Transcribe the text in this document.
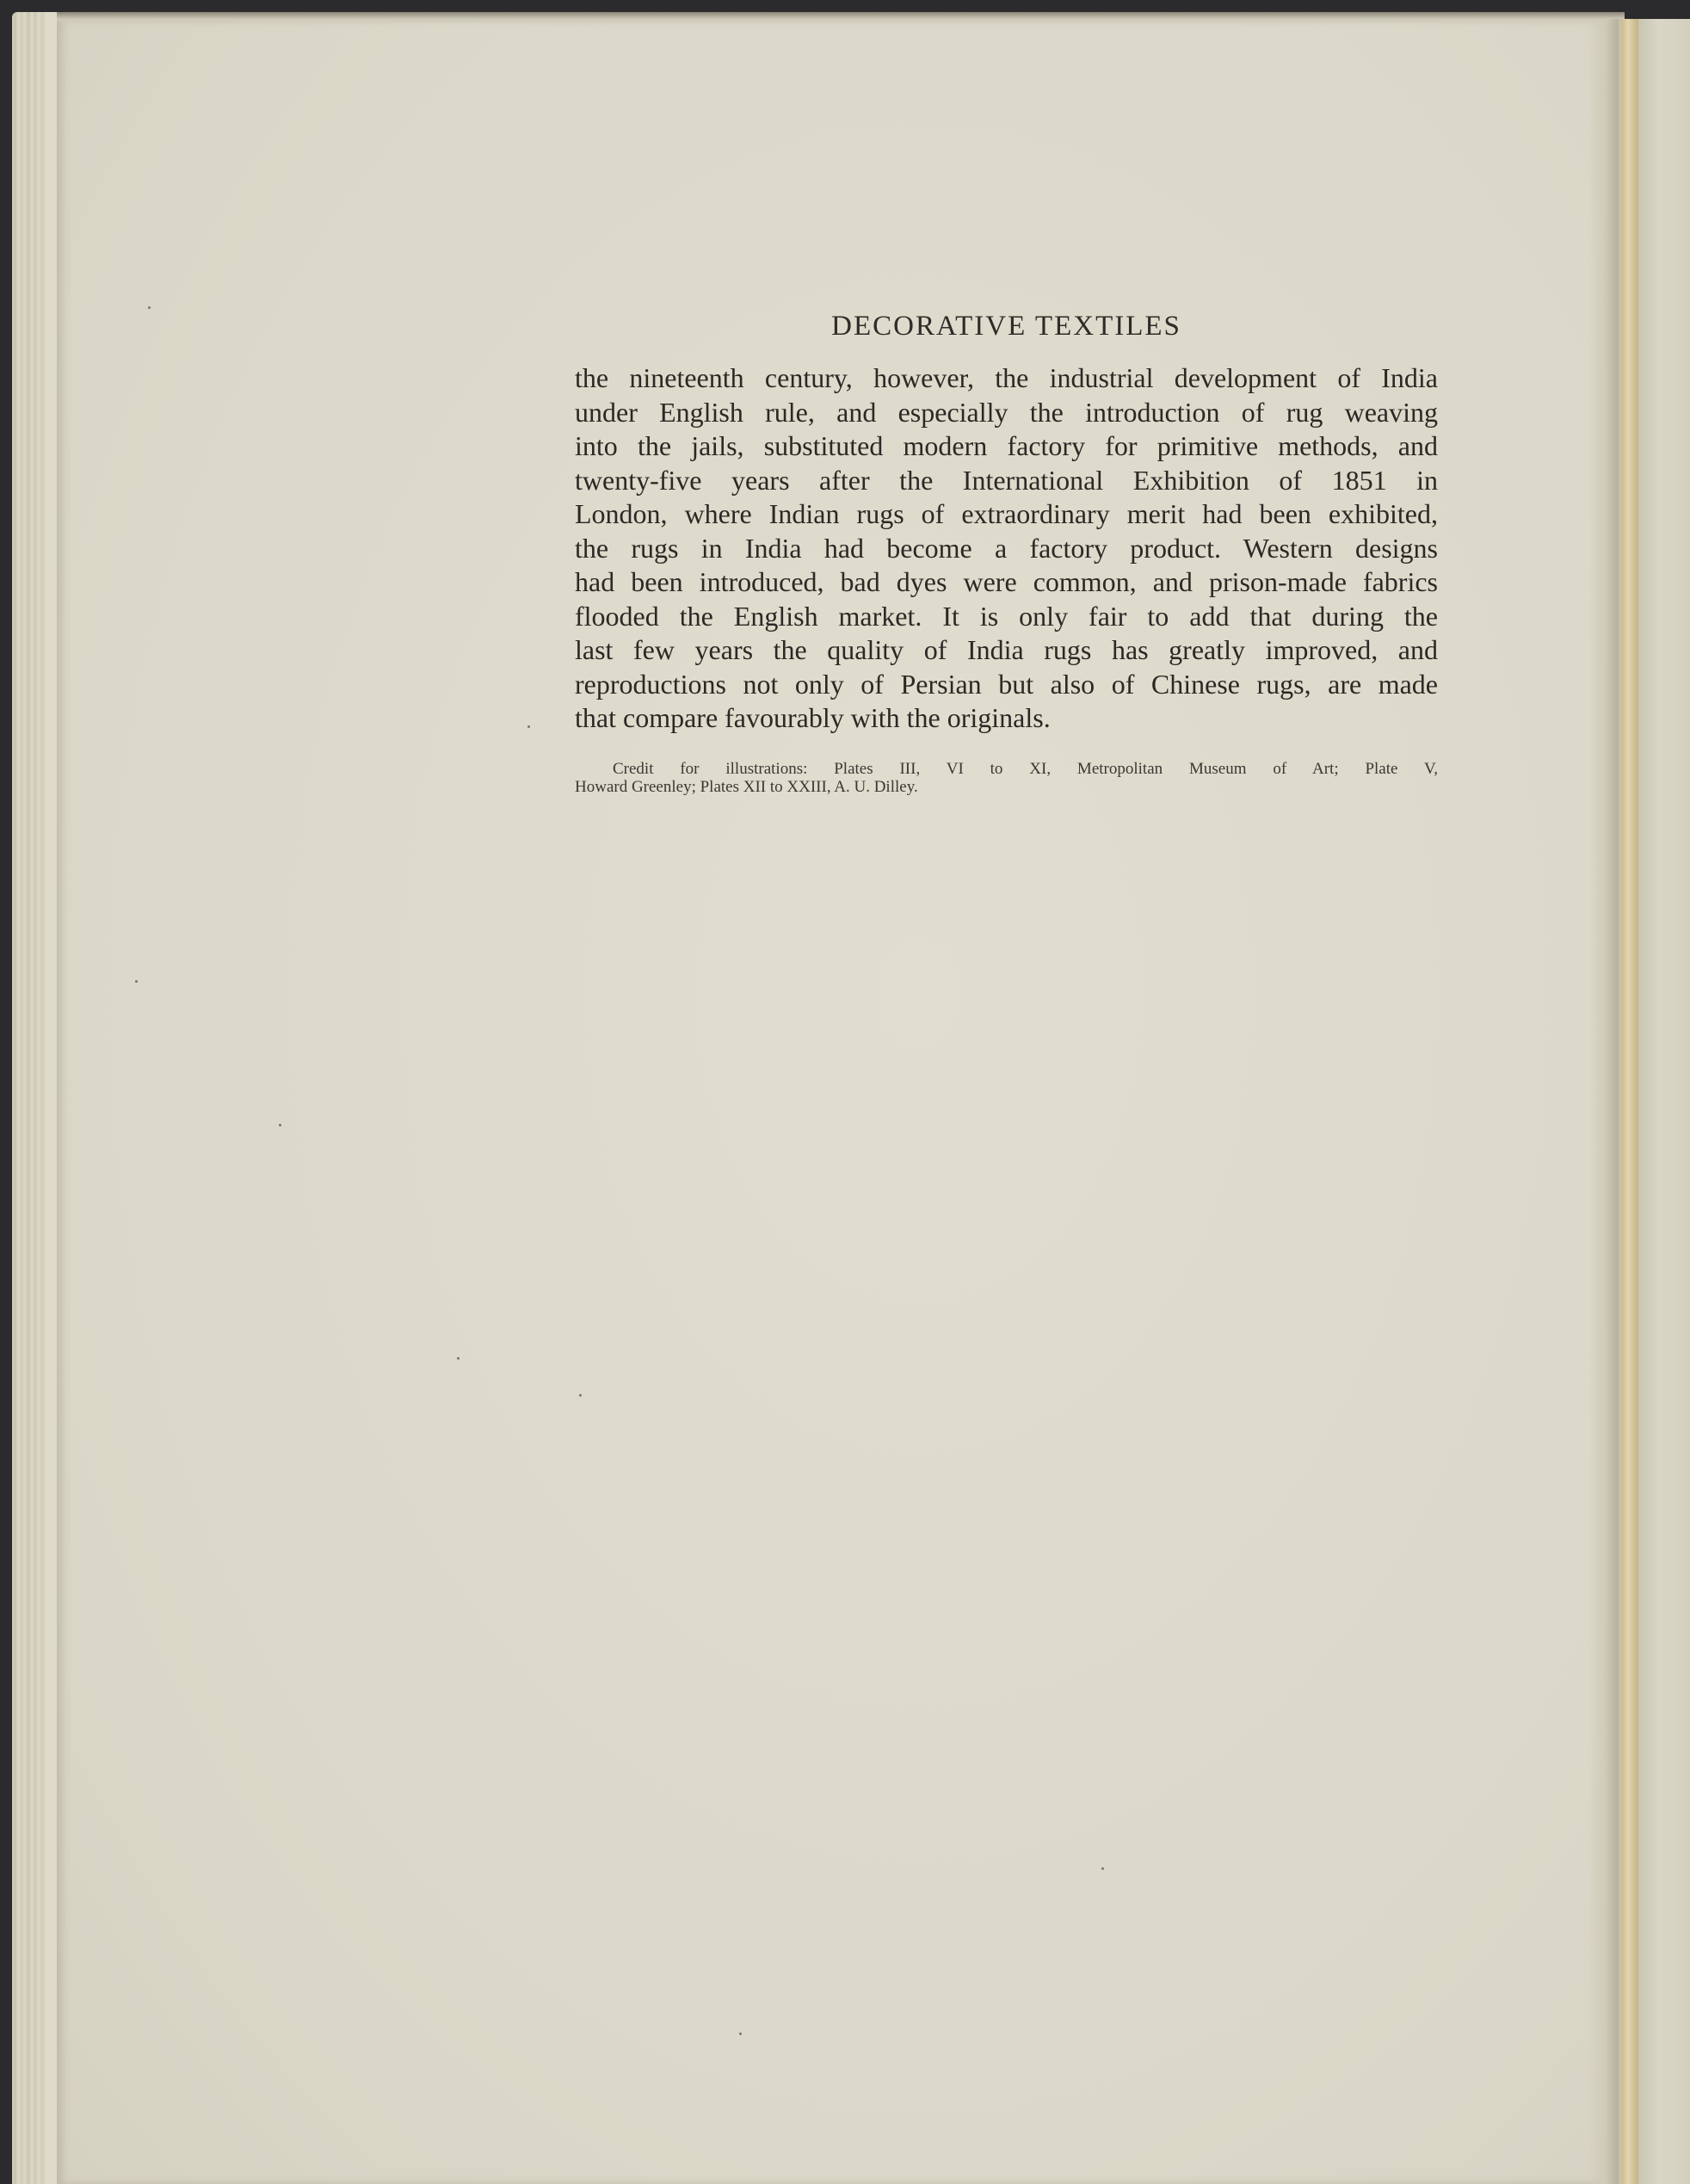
DECORATIVE TEXTILES
the nineteenth century, however, the industrial development of India
under English rule, and especially the introduction of rug weaving
into the jails, substituted modern factory for primitive methods, and
twenty-five years after the International Exhibition of 1851 in
London, where Indian rugs of extraordinary merit had been exhibited,
the rugs in India had become a factory product. Western designs
had been introduced, bad dyes were common, and prison-made fabrics
flooded the English market. It is only fair to add that during the
last few years the quality of India rugs has greatly improved, and
reproductions not only of Persian but also of Chinese rugs, are made
that compare favourably with the originals.
Credit for illustrations: Plates III, VI to XI, Metropolitan Museum of Art; Plate V,
Howard Greenley; Plates XII to XXIII, A. U. Dilley.
